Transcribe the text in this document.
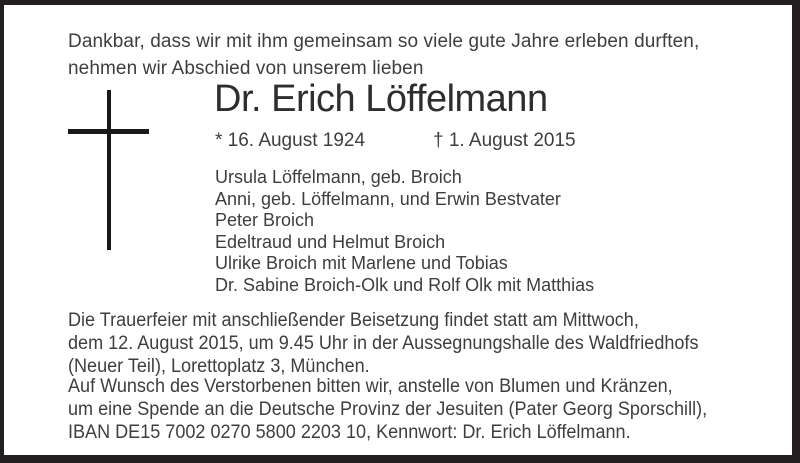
Dankbar, dass wir mit ihm gemeinsam so viele gute Jahre erleben durften,
nehmen wir Abschied von unserem lieben
Dr. Erich Löffelmann
* 16. August 1924	† 1. August 2015
Ursula Löffelmann, geb. Broich
Anni, geb. Löffelmann, und Erwin Bestvater
Peter Broich
Edeltraud und Helmut Broich
Ulrike Broich mit Marlene und Tobias
Dr. Sabine Broich-Olk und Rolf Olk mit Matthias
Die Trauerfeier mit anschließender Beisetzung findet statt am Mittwoch,
dem 12. August 2015, um 9.45 Uhr in der Aussegnungshalle des Waldfriedhofs
(Neuer Teil), Lorettoplatz 3, München.
Auf Wunsch des Verstorbenen bitten wir, anstelle von Blumen und Kränzen,
um eine Spende an die Deutsche Provinz der Jesuiten (Pater Georg Sporschill),
IBAN DE15 7002 0270 5800 2203 10, Kennwort: Dr. Erich Löffelmann.
